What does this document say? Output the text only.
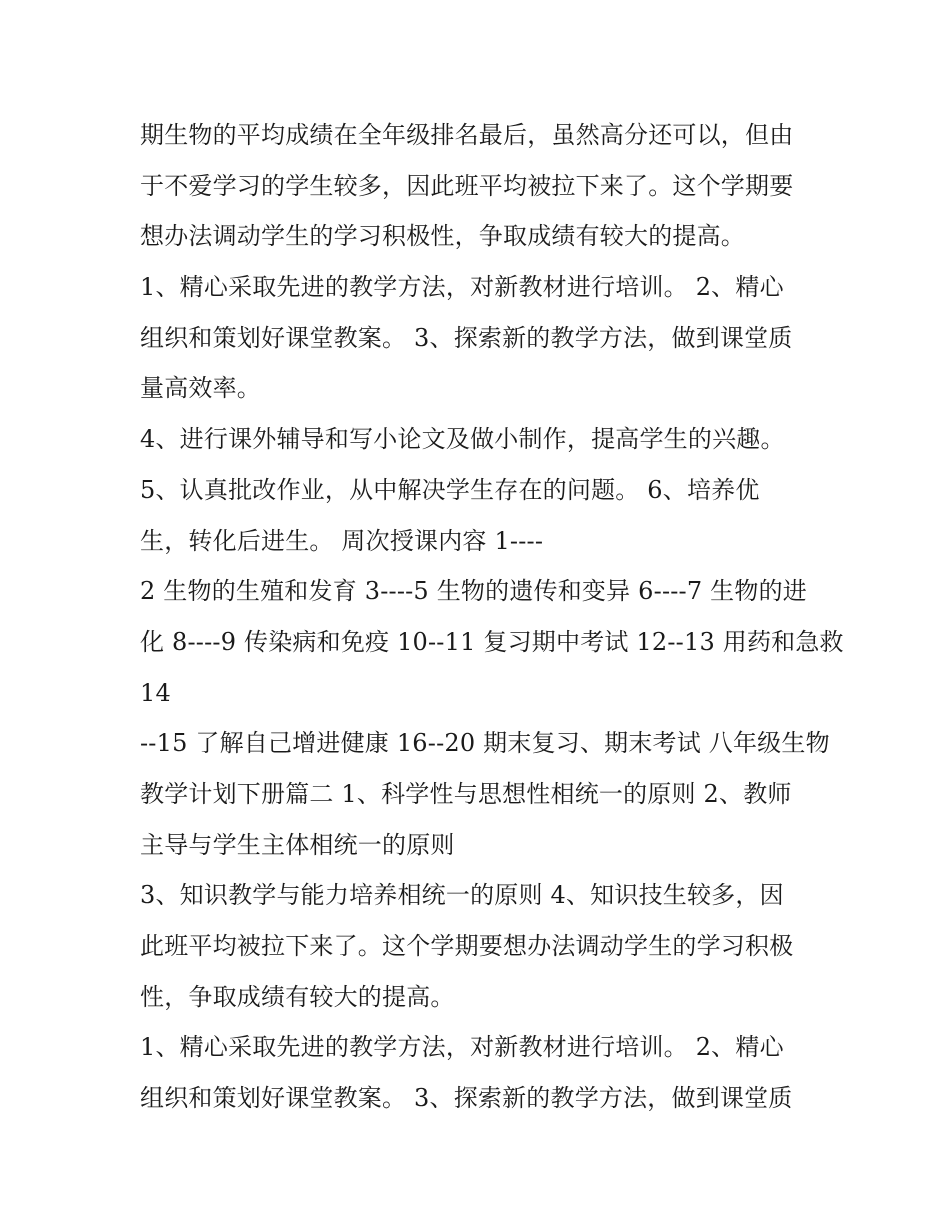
期生物的平均成绩在全年级排名最后，虽然高分还可以，但由
于不爱学习的学生较多，因此班平均被拉下来了。这个学期要
想办法调动学生的学习积极性，争取成绩有较大的提高。
1、精心采取先进的教学方法，对新教材进行培训。 2、精心
组织和策划好课堂教案。 3、探索新的教学方法，做到课堂质
量高效率。
4、进行课外辅导和写小论文及做小制作，提高学生的兴趣。
5、认真批改作业，从中解决学生存在的问题。 6、培养优
生，转化后进生。 周次授课内容 1----
2 生物的生殖和发育 3----5 生物的遗传和变异 6----7 生物的进
化 8----9 传染病和免疫 10--11 复习期中考试 12--13 用药和急救
14
--15 了解自己增进健康 16--20 期末复习、期末考试 八年级生物
教学计划下册篇二 1、科学性与思想性相统一的原则 2、教师
主导与学生主体相统一的原则
3、知识教学与能力培养相统一的原则 4、知识技生较多，因
此班平均被拉下来了。这个学期要想办法调动学生的学习积极
性，争取成绩有较大的提高。
1、精心采取先进的教学方法，对新教材进行培训。 2、精心
组织和策划好课堂教案。 3、探索新的教学方法，做到课堂质
